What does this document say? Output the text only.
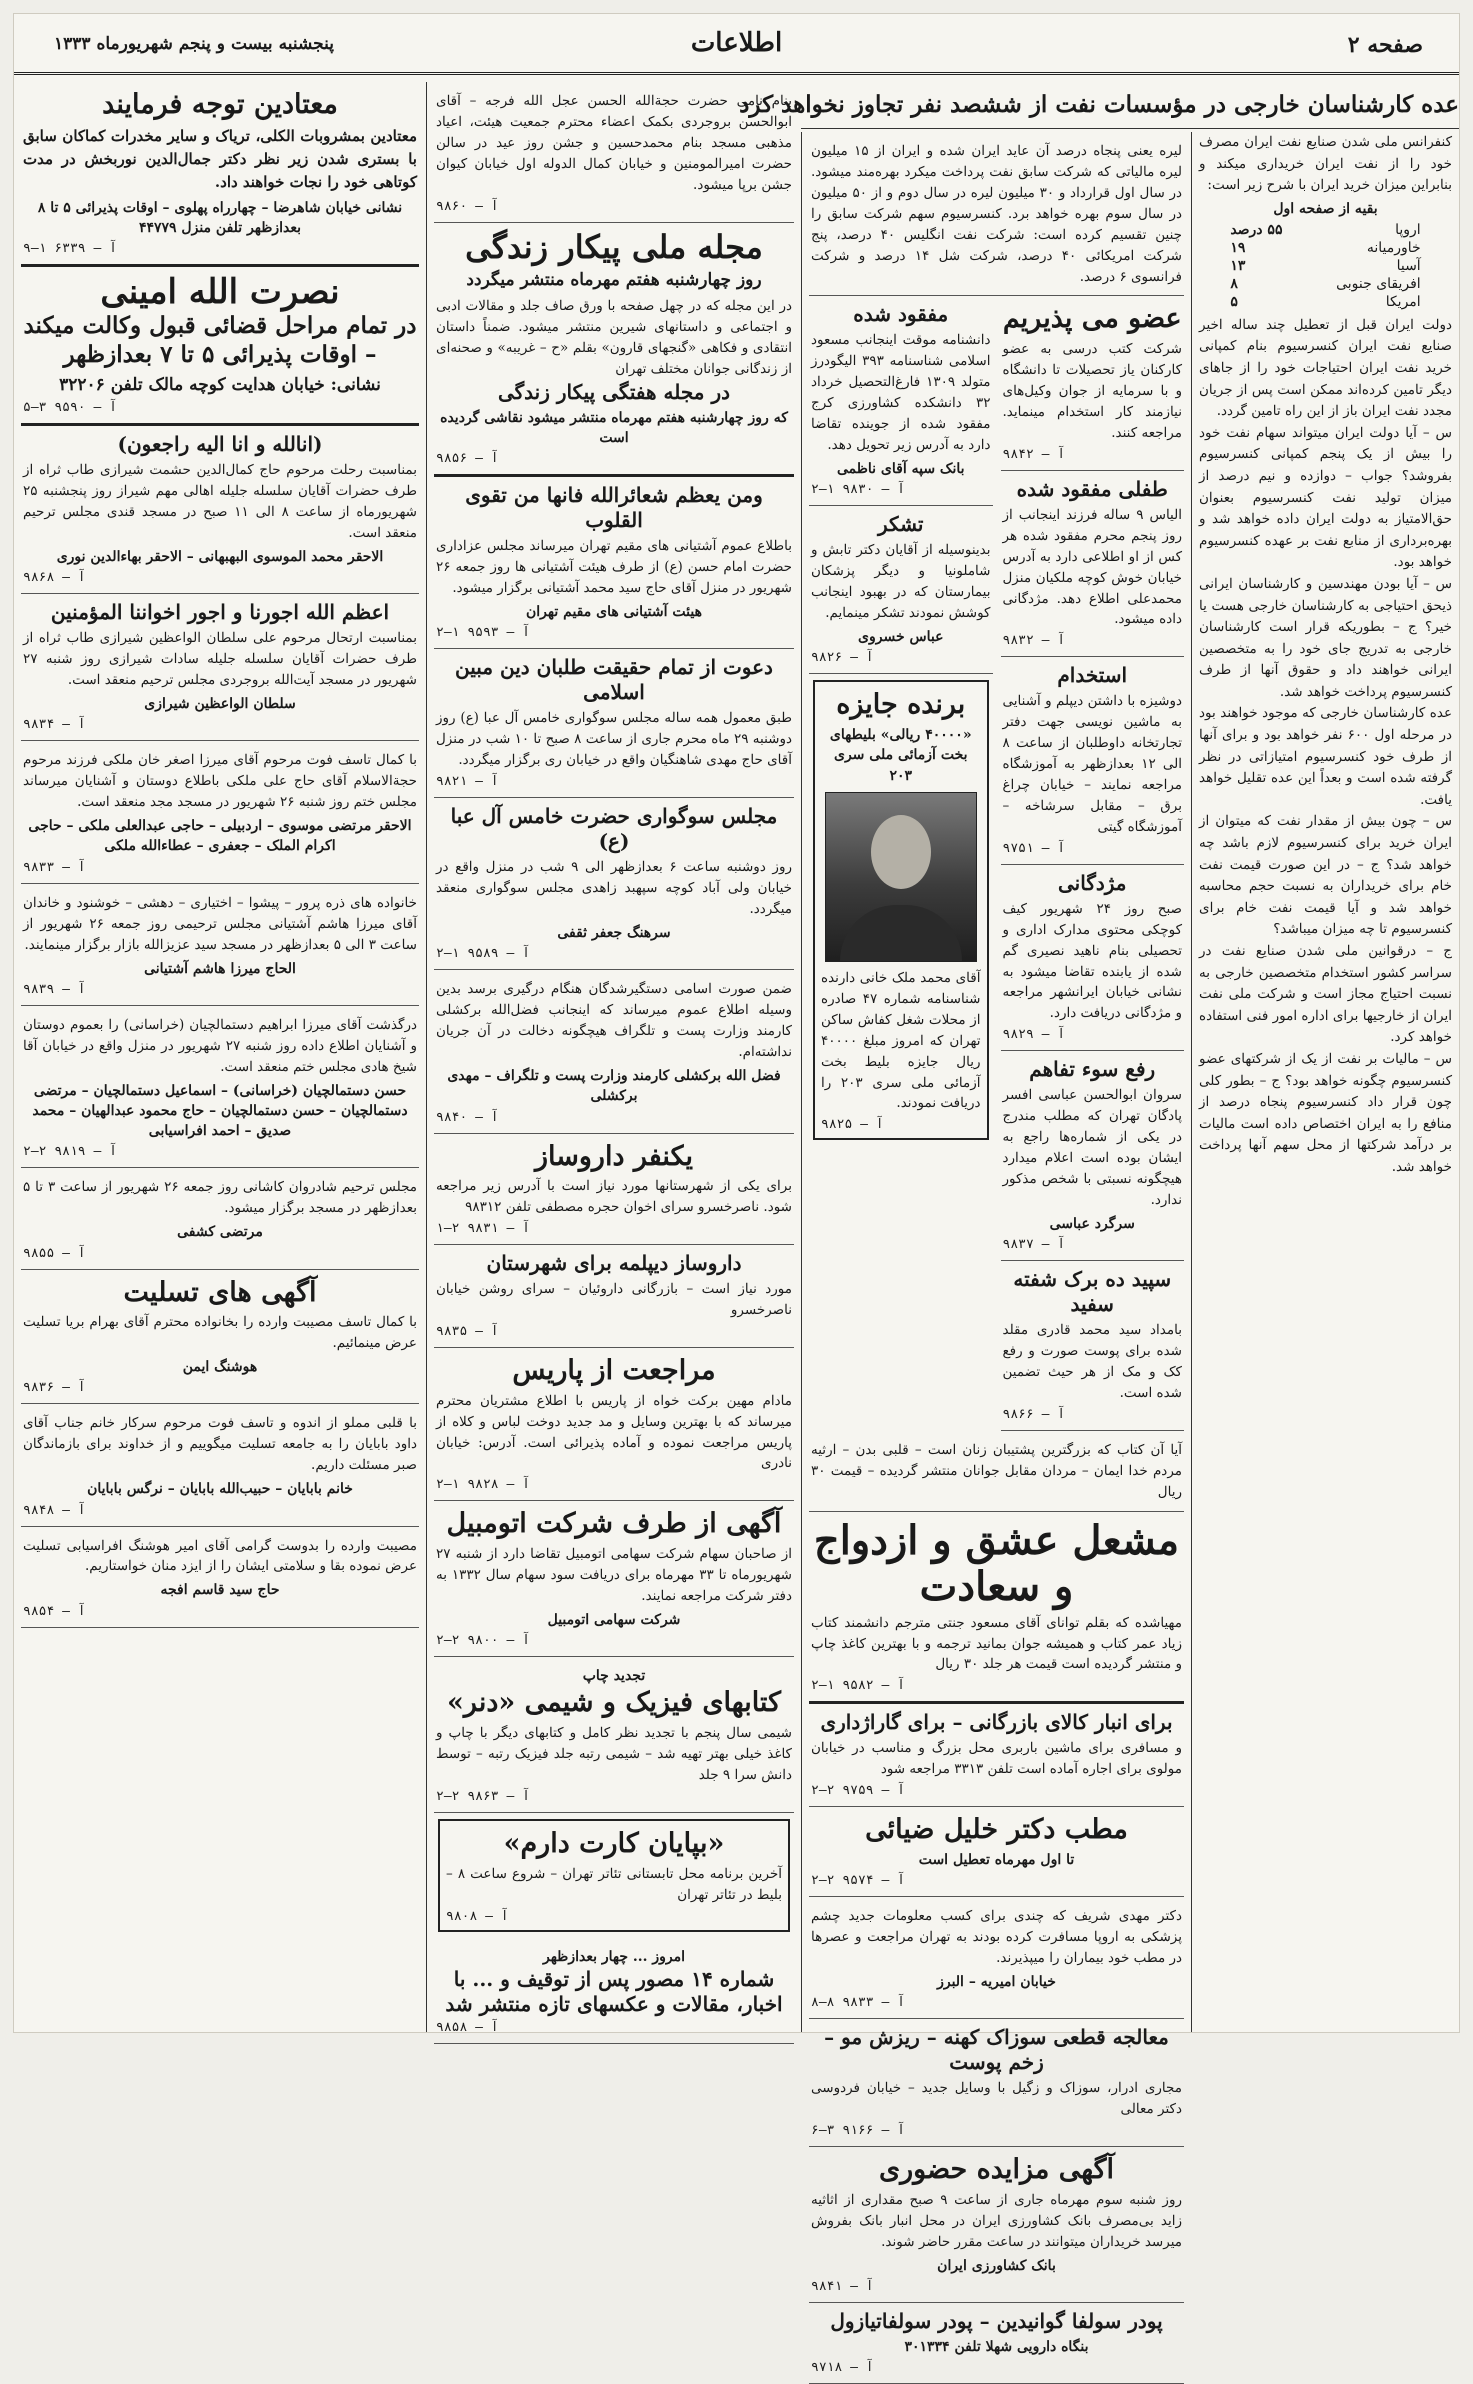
صفحه ۲
اطلاعات
پنجشنبه بیست و پنجم شهریورماه ۱۳۳۳
عده کارشناسان خارجی در مؤسسات نفت از ششصد نفر تجاوز نخواهد کرد
کنفرانس ملی شدن صنایع نفت ایران مصرف خود را از نفت ایران خریداری میکند و بنابراین میزان خرید ایران با شرح زیر است:
بقیه از صفحه اول
اروپا	۵۵ درصد
خاورمیانه	۱۹
آسیا	۱۳
افریقای جنوبی	۸
امریکا	۵
دولت ایران قبل از تعطیل چند ساله اخیر صنایع نفت ایران کنسرسیوم بنام کمپانی خرید نفت ایران احتیاجات خود را از جاهای دیگر تامین کرده‌اند ممکن است پس از جریان مجدد نفت ایران باز از این راه تامین گردد.
س – آیا دولت ایران میتواند سهام نفت خود را بیش از یک پنجم کمپانی کنسرسیوم بفروشد؟ جواب – دوازده و نیم درصد از میزان تولید نفت کنسرسیوم بعنوان حق‌الامتیاز به دولت ایران داده خواهد شد و بهره‌برداری از منابع نفت بر عهده کنسرسیوم خواهد بود.
س – آیا بودن مهندسین و کارشناسان ایرانی ذیحق احتیاجی به کارشناسان خارجی هست یا خیر؟ ج – بطوریکه قرار است کارشناسان خارجی به تدریج جای خود را به متخصصین ایرانی خواهند داد و حقوق آنها از طرف کنسرسیوم پرداخت خواهد شد.
عده کارشناسان خارجی که موجود خواهند بود در مرحله اول ۶۰۰ نفر خواهد بود و برای آنها از طرف خود کنسرسیوم امتیازاتی در نظر گرفته شده است و بعداً این عده تقلیل خواهد یافت.
س – چون بیش از مقدار نفت که میتوان از ایران خرید برای کنسرسیوم لازم باشد چه خواهد شد؟ ج – در این صورت قیمت نفت خام برای خریداران به نسبت حجم محاسبه خواهد شد و آیا قیمت نفت خام برای کنسرسیوم تا چه میزان میباشد؟
ج – درقوانین ملی شدن صنایع نفت در سراسر کشور استخدام متخصصین خارجی به نسبت احتیاج مجاز است و شرکت ملی نفت ایران از خارجیها برای اداره امور فنی استفاده خواهد کرد.
س – مالیات بر نفت از یک از شرکتهای عضو کنسرسیوم چگونه خواهد بود؟ ج – بطور کلی چون قرار داد کنسرسیوم پنجاه درصد از منافع را به ایران اختصاص داده است مالیات بر درآمد شرکتها از محل سهم آنها پرداخت خواهد شد.
لیره یعنی پنجاه درصد آن عاید ایران شده و ایران از ۱۵ میلیون لیره مالیاتی که شرکت سابق نفت پرداخت میکرد بهره‌مند میشود. در سال اول قرارداد و ۳۰ میلیون لیره در سال دوم و از ۵۰ میلیون در سال سوم بهره خواهد برد. کنسرسیوم سهم شرکت سابق را چنین تقسیم کرده است: شرکت نفت انگلیس ۴۰ درصد، پنج شرکت امریکائی ۴۰ درصد، شرکت شل ۱۴ درصد و شرکت فرانسوی ۶ درصد.
عضو می پذیریم
شرکت کتب درسی به عضو کارکنان یاز تحصیلات تا دانشگاه و با سرمایه از جوان وکیل‌های نیازمند کار استخدام مینماید. مراجعه کنند.
آ – ۹۸۴۲
طفلی مفقود شده
الیاس ۹ ساله فرزند اینجانب از روز پنجم محرم مفقود شده هر کس از او اطلاعی دارد به آدرس خیابان خوش کوچه ملکیان منزل محمدعلی اطلاع دهد. مژدگانی داده میشود.
آ – ۹۸۳۲
استخدام
دوشیزه با داشتن دیپلم و آشنایی به ماشین نویسی جهت دفتر تجارتخانه داوطلبان از ساعت ۸ الی ۱۲ بعدازظهر به آموزشگاه مراجعه نمایند – خیابان چراغ برق – مقابل سرشاخه – آموزشگاه گیتی
آ – ۹۷۵۱
مژدگانی
صبح روز ۲۴ شهریور کیف کوچکی محتوی مدارک اداری و تحصیلی بنام ناهید نصیری گم شده از یابنده تقاضا میشود به نشانی خیابان ایرانشهر مراجعه و مژدگانی دریافت دارد.
آ – ۹۸۲۹
رفع سوء تفاهم
سروان ابوالحسن عباسی افسر پادگان تهران که مطلب مندرج در یکی از شماره‌ها راجع به ایشان بوده است اعلام میدارد هیچگونه نسبتی با شخص مذکور ندارد.
سرگرد عباسی
آ – ۹۸۳۷
سپید ده برک شفته سفید
بامداد سید محمد قادری مقلد شده برای پوست صورت و رفع کک و مک از هر حیث تضمین شده است.
آ – ۹۸۶۶
مفقود شده
دانشنامه موقت اینجانب مسعود اسلامی شناسنامه ۳۹۳ الیگودرز متولد ۱۳۰۹ فارغ‌التحصیل خرداد ۳۲ دانشکده کشاورزی کرج مفقود شده از جوینده تقاضا دارد به آدرس زیر تحویل دهد.
بانک سپه آقای ناظمی
آ – ۹۸۳۰ ۱–۲
تشکر
بدینوسیله از آقایان دکتر تابش و شاملونیا و دیگر پزشکان بیمارستان که در بهبود اینجانب کوشش نمودند تشکر مینمایم.
عباس خسروی
آ – ۹۸۲۶
برنده جایزه
«۴۰۰۰۰ ریالی» بلیطهای بخت آزمائی ملی سری ۲۰۳
آقای محمد ملک خانی دارنده شناسنامه شماره ۴۷ صادره از محلات شغل کفاش ساکن تهران که امروز مبلغ ۴۰۰۰۰ ریال جایزه بلیط بخت آزمائی ملی سری ۲۰۳ را دریافت نمودند.
آ – ۹۸۲۵
آیا آن کتاب که بزرگترین پشتیبان زنان است – قلبی بدن – ارثیه مردم خدا ایمان – مردان مقابل جوانان منتشر گردیده – قیمت ۳۰ ریال
مشعل عشق و ازدواج و سعادت
مهیاشده که بقلم توانای آقای مسعود جنتی مترجم دانشمند کتاب زیاد عمر کتاب و همیشه جوان بمانید ترجمه و با بهترین کاغذ چاپ و منتشر گردیده است قیمت هر جلد ۳۰ ریال
آ – ۹۵۸۲ ۱–۲
برای انبار کالای بازرگانی – برای گاراژداری
و مسافری برای ماشین باربری محل بزرگ و مناسب در خیابان مولوی برای اجاره آماده است تلفن ۳۳۱۳ مراجعه شود
آ – ۹۷۵۹ ۲–۲
مطب دکتر خلیل ضیائی
تا اول مهرماه تعطیل است
آ – ۹۵۷۴ ۲–۲
دکتر مهدی شریف که چندی برای کسب معلومات جدید چشم پزشکی به اروپا مسافرت کرده بودند به تهران مراجعت و عصرها در مطب خود بیماران را میپذیرند.
خیابان امیریه – البرز
آ – ۹۸۳۳ ۸–۸
معالجه قطعی سوزاک کهنه – ریزش مو – زخم پوست
مجاری ادرار، سوزاک و زگیل با وسایل جدید – خیابان فردوسی دکتر معالی
آ – ۹۱۶۶ ۳–۶
آگهی مزایده حضوری
روز شنبه سوم مهرماه جاری از ساعت ۹ صبح مقداری از اثاثیه زاید بی‌مصرف بانک کشاورزی ایران در محل انبار بانک بفروش میرسد خریداران میتوانند در ساعت مقرر حاضر شوند.
بانک کشاورزی ایران
آ – ۹۸۴۱
پودر سولفا گوانیدین – پودر سولفاتیازول
بنگاه دارویی شهلا تلفن ۳۰۱۳۳۴
آ – ۹۷۱۸
بنام نامی حضرت حجة‌الله الحسن عجل الله فرجه – آقای ابوالحسن بروجردی بکمک اعضاء محترم جمعیت هیئت، اعیاد مذهبی مسجد بنام محمدحسین و جشن روز عید در سالن حضرت امیرالمومنین و خیابان کمال الدوله اول خیابان کیوان جشن برپا میشود.
آ – ۹۸۶۰
مجله ملی پیکار زندگی
روز چهارشنبه هفتم مهرماه منتشر میگردد
در این مجله که در چهل صفحه با ورق صاف جلد و مقالات ادبی و اجتماعی و داستانهای شیرین منتشر میشود. ضمناً داستان انتقادی و فکاهی «گنجهای قارون» بقلم «ح – غریبه» و صحنه‌ای از زندگانی جوانان مختلف تهران
در مجله هفتگی پیکار زندگی
که روز چهارشنبه هفتم مهرماه منتشر میشود نقاشی گردیده است
آ – ۹۸۵۶
ومن یعظم شعائرالله فانها من تقوی القلوب
باطلاع عموم آشتیانی های مقیم تهران میرساند مجلس عزاداری حضرت امام حسن (ع) از طرف هیئت آشتیانی ها روز جمعه ۲۶ شهریور در منزل آقای حاج سید محمد آشتیانی برگزار میشود.
هیئت آشتیانی های مقیم تهران
آ – ۹۵۹۳ ۱–۲
دعوت از تمام حقیقت طلبان دین مبین اسلامی
طبق معمول همه ساله مجلس سوگواری خامس آل عبا (ع) روز دوشنبه ۲۹ ماه محرم جاری از ساعت ۸ صبح تا ۱۰ شب در منزل آقای حاج مهدی شاهنگیان واقع در خیابان ری برگزار میگردد.
آ – ۹۸۲۱
مجلس سوگواری حضرت خامس آل عبا (ع)
روز دوشنبه ساعت ۶ بعدازظهر الی ۹ شب در منزل واقع در خیابان ولی آباد کوچه سپهبد زاهدی مجلس سوگواری منعقد میگردد.
سرهنگ جعفر ثقفی
آ – ۹۵۸۹ ۱–۲
ضمن صورت اسامی دستگیرشدگان هنگام درگیری برسد بدین وسیله اطلاع عموم میرساند که اینجانب فضل‌الله برکشلی کارمند وزارت پست و تلگراف هیچگونه دخالت در آن جریان نداشته‌ام.
فضل الله برکشلی کارمند وزارت پست و تلگراف – مهدی برکشلی
آ – ۹۸۴۰
یکنفر داروساز
برای یکی از شهرستانها مورد نیاز است با آدرس زیر مراجعه شود. ناصرخسرو سرای اخوان حجره مصطفی تلفن ۹۸۳۱۲
آ – ۹۸۳۱ ۲–۱
داروساز دیپلمه برای شهرستان
مورد نیاز است – بازرگانی داروئیان – سرای روشن خیابان ناصرخسرو
آ – ۹۸۳۵
مراجعت از پاریس
مادام مهین برکت خواه از پاریس با اطلاع مشتریان محترم میرساند که با بهترین وسایل و مد جدید دوخت لباس و کلاه از پاریس مراجعت نموده و آماده پذیرائی است. آدرس: خیابان نادری
آ – ۹۸۲۸ ۱–۲
آگهی از طرف شرکت اتومبیل
از صاحبان سهام شرکت سهامی اتومبیل تقاضا دارد از شنبه ۲۷ شهریورماه تا ۳۳ مهرماه برای دریافت سود سهام سال ۱۳۳۲ به دفتر شرکت مراجعه نمایند.
شرکت سهامی اتومبیل
آ – ۹۸۰۰ ۲–۲
تجدید چاپ
کتابهای فیزیک و شیمی «دنر»
شیمی سال پنجم با تجدید نظر کامل و کتابهای دیگر با چاپ و کاغذ خیلی بهتر تهیه شد – شیمی رتبه جلد فیزیک رتبه – توسط دانش سرا ۹ جلد
آ – ۹۸۶۳ ۲–۲
«بپایان کارت دارم»
آخرین برنامه محل تابستانی تئاتر تهران – شروع ساعت ۸ – بلیط در تئاتر تهران
آ – ۹۸۰۸
امروز ... چهار بعدازظهر
شماره ۱۴ مصور پس از توقیف و ... با اخبار، مقالات و عکسهای تازه منتشر شد
آ – ۹۸۵۸
معتادین توجه فرمایند
معتادین بمشروبات الکلی، تریاک و سایر مخدرات کماکان سابق با بستری شدن زیر نظر دکتر جمال‌الدین نوربخش در مدت کوتاهی خود را نجات خواهند داد.
نشانی خیابان شاهرضا – چهارراه پهلوی – اوقات پذیرائی ۵ تا ۸ بعدازظهر تلفن منزل ۴۴۷۷۹
آ – ۶۳۳۹ ۱–۹
نصرت الله امینی
در تمام مراحل قضائی قبول وکالت میکند – اوقات پذیرائی ۵ تا ۷ بعدازظهر
نشانی: خیابان هدایت کوچه مالک تلفن ۳۲۲۰۶
آ – ۹۵۹۰ ۳–۵
(انالله و انا الیه راجعون)
بمناسبت رحلت مرحوم حاج کمال‌الدین حشمت شیرازی طاب ثراه از طرف حضرات آقایان سلسله جلیله اهالی مهم شیراز روز پنجشنبه ۲۵ شهریورماه از ساعت ۸ الی ۱۱ صبح در مسجد قندی مجلس ترحیم منعقد است.
الاحقر محمد الموسوی البهبهانی – الاحقر بهاءالدین نوری
آ – ۹۸۶۸
اعظم الله اجورنا و اجور اخواننا المؤمنین
بمناسبت ارتحال مرحوم علی سلطان الواعظین شیرازی طاب ثراه از طرف حضرات آقایان سلسله جلیله سادات شیرازی روز شنبه ۲۷ شهریور در مسجد آیت‌الله بروجردی مجلس ترحیم منعقد است.
سلطان الواعظین شیرازی
آ – ۹۸۳۴
با کمال تاسف فوت مرحوم آقای میرزا اصغر خان ملکی فرزند مرحوم حجةالاسلام آقای حاج علی ملکی باطلاع دوستان و آشنایان میرساند مجلس ختم روز شنبه ۲۶ شهریور در مسجد مجد منعقد است.
الاحقر مرتضی موسوی – اردبیلی – حاجی عبدالعلی ملکی – حاجی اکرام الملک – جعفری – عطاءالله ملکی
آ – ۹۸۳۳
خانواده های ذره پرور – پیشوا – اختیاری – دهشی – خوشنود و خاندان آقای میرزا هاشم آشتیانی مجلس ترحیمی روز جمعه ۲۶ شهریور از ساعت ۳ الی ۵ بعدازظهر در مسجد سید عزیزالله بازار برگزار مینمایند.
الحاج میرزا هاشم آشتیانی
آ – ۹۸۳۹
درگذشت آقای میرزا ابراهیم دستمالچیان (خراسانی) را بعموم دوستان و آشنایان اطلاع داده روز شنبه ۲۷ شهریور در منزل واقع در خیابان آقا شیخ هادی مجلس ختم منعقد است.
حسن دستمالچیان (خراسانی) – اسماعیل دستمالچیان – مرتضی دستمالچیان – حسن دستمالچیان – حاج محمود عبدالهیان – محمد صدیق – احمد افراسیابی
آ – ۹۸۱۹ ۲–۲
مجلس ترحیم شادروان کاشانی روز جمعه ۲۶ شهریور از ساعت ۳ تا ۵ بعدازظهر در مسجد برگزار میشود.
مرتضی کشفی
آ – ۹۸۵۵
آگهی های تسلیت
با کمال تاسف مصیبت وارده را بخانواده محترم آقای بهرام بریا تسلیت عرض مینمائیم.
هوشنگ ایمن
آ – ۹۸۳۶
با قلبی مملو از اندوه و تاسف فوت مرحوم سرکار خانم جناب آقای داود بابایان را به جامعه تسلیت میگوییم و از خداوند برای بازماندگان صبر مسئلت داریم.
خانم بابایان – حبیب‌الله بابایان – نرگس بابایان
آ – ۹۸۴۸
مصیبت وارده را بدوست گرامی آقای امیر هوشنگ افراسیابی تسلیت عرض نموده بقا و سلامتی ایشان را از ایزد منان خواستاریم.
حاج سید قاسم افجه
آ – ۹۸۵۴
